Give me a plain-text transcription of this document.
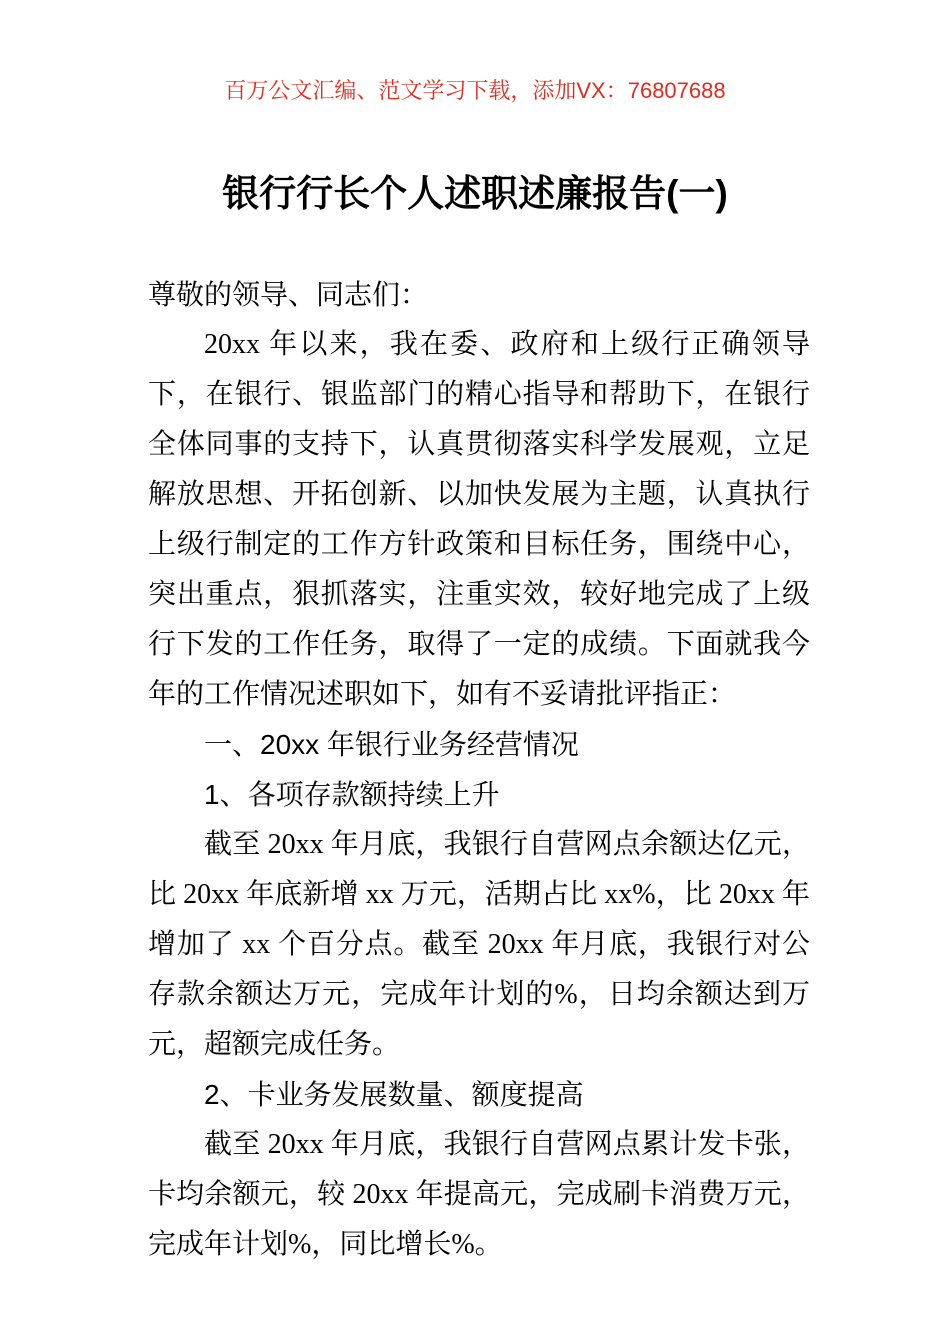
百万公文汇编、范文学习下载，添加VX：76807688
银行行长个人述职述廉报告(一)

尊敬的领导、同志们：

20xx 年以来，我在委、政府和上级行正确领导下，在银行、银监部门的精心指导和帮助下，在银行全体同事的支持下，认真贯彻落实科学发展观，立足解放思想、开拓创新、以加快发展为主题，认真执行上级行制定的工作方针政策和目标任务，围绕中心，突出重点，狠抓落实，注重实效，较好地完成了上级行下发的工作任务，取得了一定的成绩。下面就我今年的工作情况述职如下，如有不妥请批评指正：

一、20xx 年银行业务经营情况

1、各项存款额持续上升

截至 20xx 年月底，我银行自营网点余额达亿元，比 20xx 年底新增 xx 万元，活期占比 xx%，比 20xx 年增加了 xx 个百分点。截至 20xx 年月底，我银行对公存款余额达万元，完成年计划的%，日均余额达到万元，超额完成任务。

2、卡业务发展数量、额度提高

截至 20xx 年月底，我银行自营网点累计发卡张，卡均余额元，较 20xx 年提高元，完成刷卡消费万元，完成年计划%，同比增长%。
